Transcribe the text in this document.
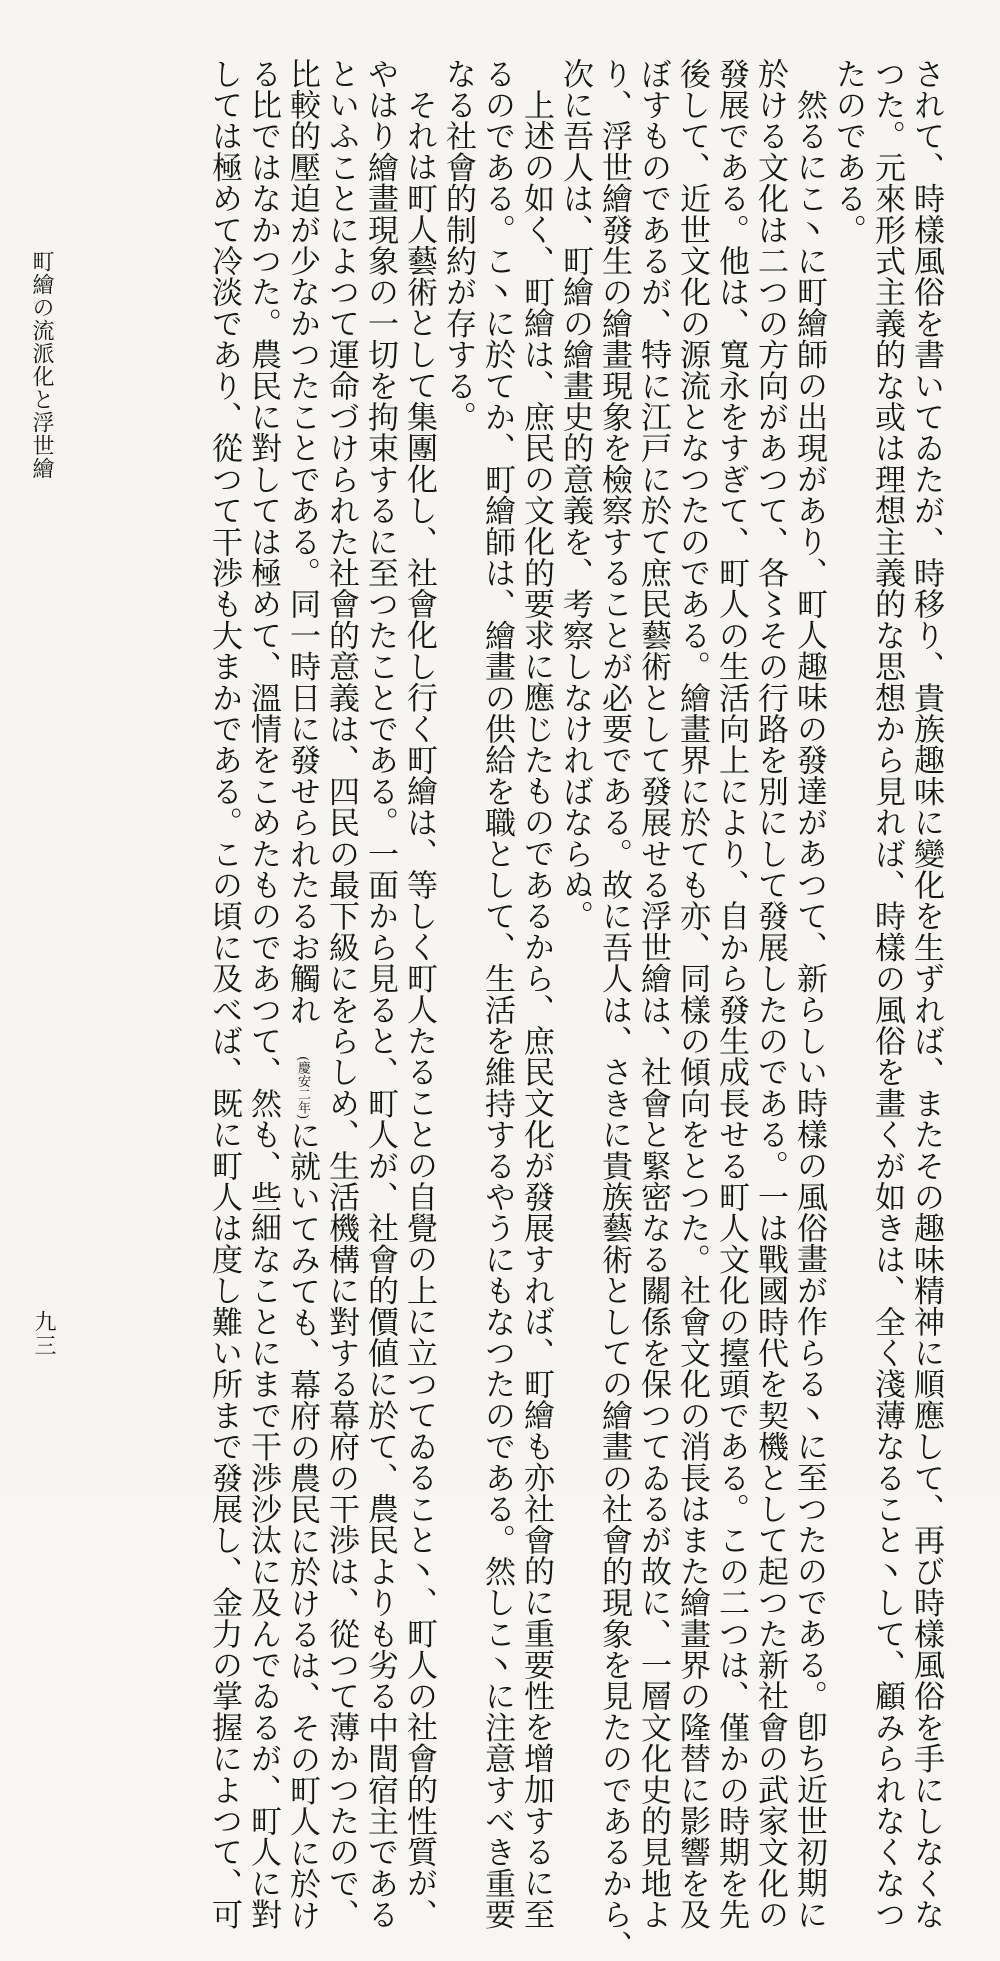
されて、時樣風俗を書いてゐたが、時移り、貴族趣味に變化を生ずれば、またその趣味精神に順應して、再び時樣風俗を手にしなくな
つた。元來形式主義的な或は理想主義的な思想から見れば、時樣の風俗を畫くが如きは、全く淺薄なること丶して、顧みられなくなつ
たのである。

然るにこ丶に町繪師の出現があり、町人趣味の發達があつて、新らしい時樣の風俗畫が作らる丶に至つたのである。卽ち近世初期に
於ける文化は二つの方向があつて、各〻その行路を別にして發展したのである。一は戰國時代を契機として起つた新社會の武家文化の
發展である。他は、寬永をすぎて、町人の生活向上により、自から發生成長せる町人文化の擡頭である。この二つは、僅かの時期を先
後して、近世文化の源流となつたのである。繪畫界に於ても亦、同樣の傾向をとつた。社會文化の消長はまた繪畫界の隆替に影響を及
ぼすものであるが、特に江戸に於て庶民藝術として發展せる浮世繪は、社會と緊密なる關係を保つてゐるが故に、一層文化史的見地よ
り、浮世繪發生の繪畫現象を檢察することが必要である。故に吾人は、さきに貴族藝術としての繪畫の社會的現象を見たのであるから、
次に吾人は、町繪の繪畫史的意義を、考察しなければならぬ。

上述の如く、町繪は、庶民の文化的要求に應じたものであるから、庶民文化が發展すれば、町繪も亦社會的に重要性を增加するに至
るのである。こ丶に於てか、町繪師は、繪畫の供給を職として、生活を維持するやうにもなつたのである。然しこ丶に注意すべき重要
なる社會的制約が存する。

それは町人藝術として集團化し、社會化し行く町繪は、等しく町人たることの自覺の上に立つてゐること丶、町人の社會的性質が、
やはり繪畫現象の一切を拘束するに至つたことである。一面から見ると、町人が、社會的價値に於て、農民よりも劣る中間宿主である
といふことによつて運命づけられた社會的意義は、四民の最下級にをらしめ、生活機構に對する幕府の干渉は、從つて薄かつたので、
比較的壓迫が少なかつたことである。同一時日に發せられたるお觸れ(慶安二年)に就いてみても、幕府の農民に於けるは、その町人に於け
る比ではなかつた。農民に對しては極めて、溫情をこめたものであつて、然も、些細なことにまで干渉沙汰に及んでゐるが、町人に對
しては極めて冷淡であり、從つて干渉も大まかである。この頃に及べば、既に町人は度し難い所まで發展し、金力の掌握によつて、可

町繪の流派化と浮世繪
九三
